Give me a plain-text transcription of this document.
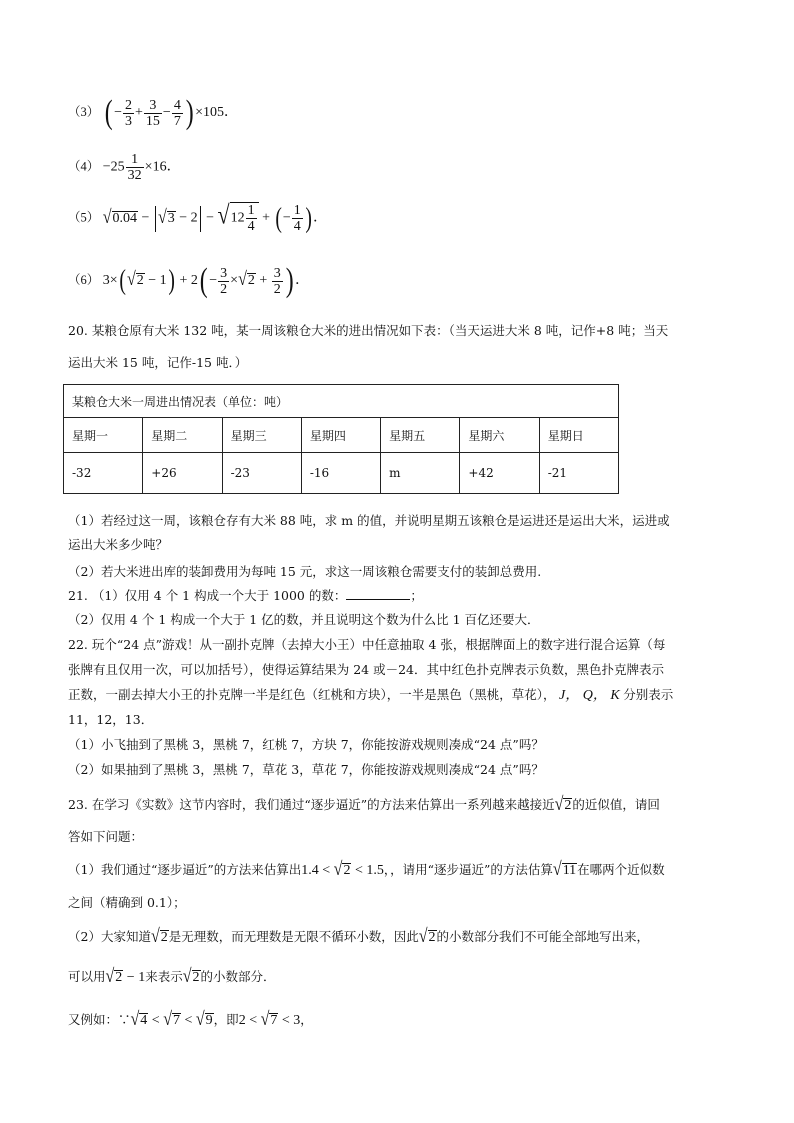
（3） ( − $\frac{2}{3} + \frac{3}{15} - \frac{4}{7}$ ) ×105．
$(4) -25 \frac{1}{32} \times 16$．
（5） $√0.04 - √3 - 2 - √12 \frac{1}{4}$ + (− $\frac{1}{4}$ )．
（6） $3\times(√2 - 1) + 2( - \frac{3}{2} \times√2 + \frac{3}{2}$ ) ．
20. 某粮仓原有大米 132 吨，某一周该粮仓大米的进出情况如下表：（当天运进大米 8 吨，记作+8 吨；当天
运出大米 15 吨，记作-15 吨．）
某粮仓大米一周进出情况表（单位：吨）						
星期一	星期二	星期三	星期四	星期五	星期六	星期日
-32	+26	-23	-16	m	+42	-21
（1）若经过这一周，该粮仓存有大米 88 吨，求 m 的值，并说明星期五该粮仓是运进还是运出大米，运进或
运出大米多少吨？
（2）若大米进出库的装卸费用为每吨 15 元，求这一周该粮仓需要支付的装卸总费用.
21. （1）仅用 4 个 1 构成一个大于 1000 的数：	；
（2）仅用 4 个 1 构成一个大于 1 亿的数，并且说明这个数为什么比 1 百亿还要大．
22. 玩个“24 点”游戏！从一副扑克牌（去掉大小王）中任意抽取 4 张，根据牌面上的数字进行混合运算（每
张牌有且仅用一次，可以加括号），使得运算结果为 24 或－24．其中红色扑克牌表示负数，黑色扑克牌表示
正数，一副去掉大小王的扑克牌一半是红色（红桃和方块），一半是黑色（黑桃，草花）， J， Q， K 分别表示
11，12，13．
（1）小飞抽到了黑桃 3，黑桃 7，红桃 7，方块 7，你能按游戏规则凑成“24 点”吗？
（2）如果抽到了黑桃 3，黑桃 7，草花 3，草花 7，你能按游戏规则凑成“24 点”吗？
23. 在学习《实数》这节内容时，我们通过“逐步逼近”的方法来估算出一系列越来越接近√2的近似值，请回
答如下问题：
（1）我们通过“逐步逼近”的方法来估算出1.4 < √2 < 1.5，，请用“逐步逼近”的方法估算√11在哪两个近似数
之间（精确到 0.1）；
（2）大家知道√2是无理数，而无理数是无限不循环小数，因此√2的小数部分我们不可能全部地写出来，
可以用√2 − 1来表示√2的小数部分．
又例如：∵√4 < √7 < √9，即2 < √7 < 3，
